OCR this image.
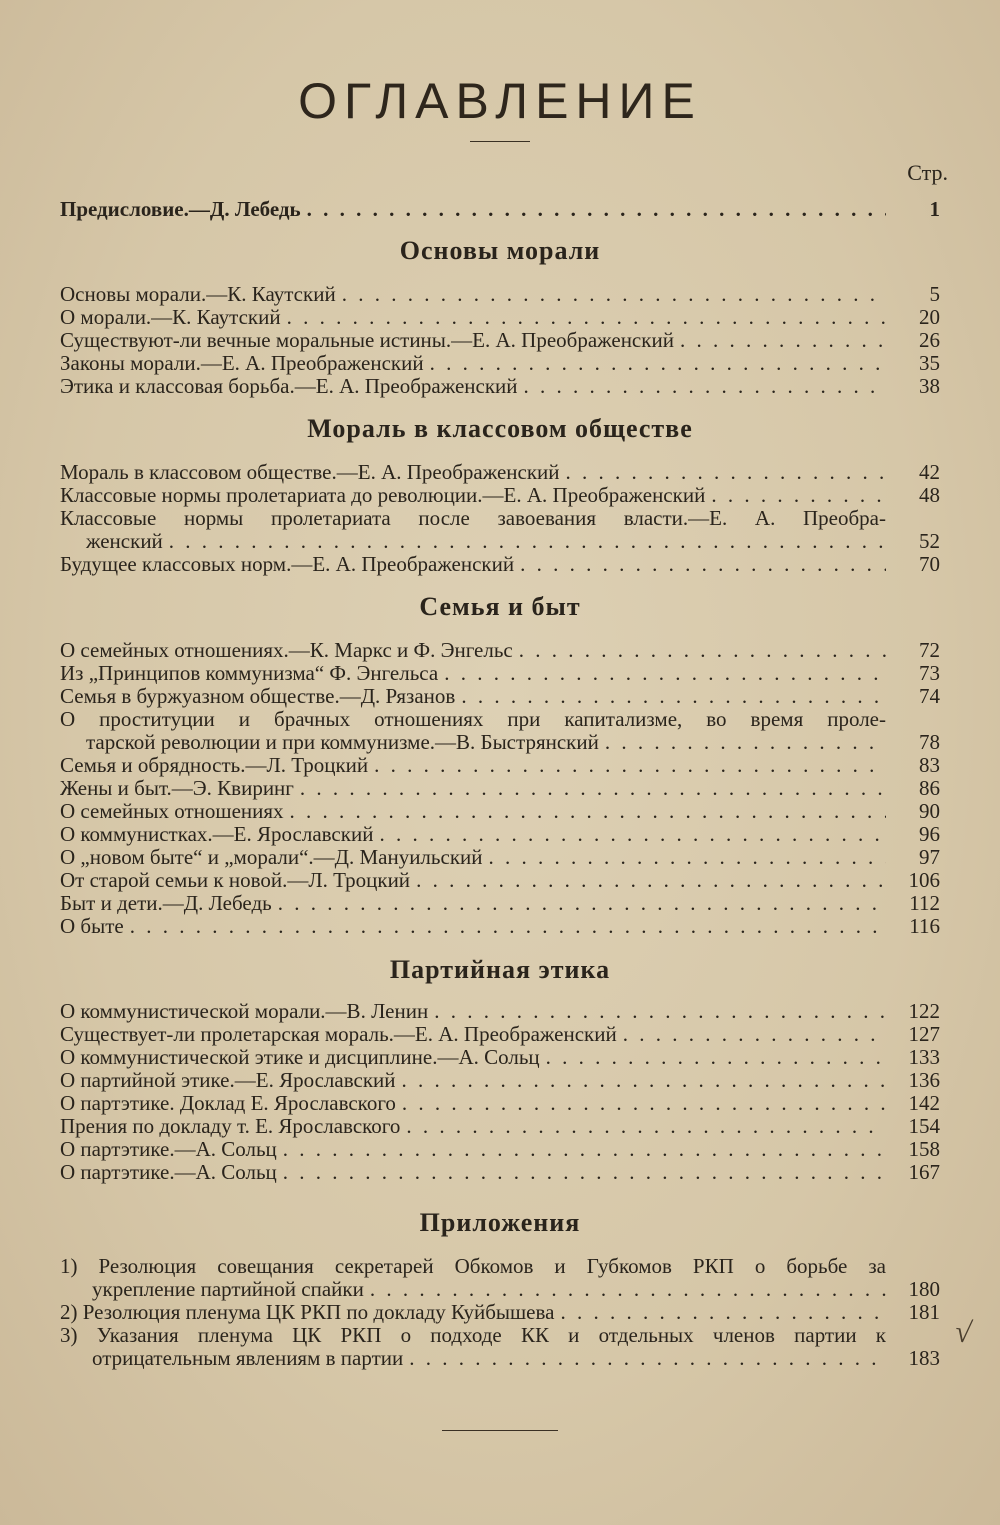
ОГЛАВЛЕНИЕ
Стр.
Предисловие.—Д. Лебедь . . .	1
Основы морали
Основы морали.—К. Каутский . . .	5
О морали.—К. Каутский . . .	20
Существуют-ли вечные моральные истины.—Е. А. Преображенский . . .	26
Законы морали.—Е. А. Преображенский . . .	35
Этика и классовая борьба.—Е. А. Преображенский . . .	38
Мораль в классовом обществе
Мораль в классовом обществе.—Е. А. Преображенский . . .	42
Классовые нормы пролетариата до революции.—Е. А. Преображенский . . .	48
Классовые нормы пролетариата после завоевания власти.—Е. А. Преобра-
женский . . .	52
Будущее классовых норм.—Е. А. Преображенский . . .	70
Семья и быт
О семейных отношениях.—К. Маркс и Ф. Энгельс . . .	72
Из „Принципов коммунизма“ Ф. Энгельса . . .	73
Семья в буржуазном обществе.—Д. Рязанов . . .	74
О проституции и брачных отношениях при капитализме, во время проле-
тарской революции и при коммунизме.—В. Быстрянский . . .	78
Семья и обрядность.—Л. Троцкий . . .	83
Жены и быт.—Э. Квиринг . . .	86
О семейных отношениях . . .	90
О коммунистках.—Е. Ярославский . . .	96
О „новом быте“ и „морали“.—Д. Мануильский . . .	97
От старой семьи к новой.—Л. Троцкий . . .	106
Быт и дети.—Д. Лебедь . . .	112
О быте . . .	116
Партийная этика
О коммунистической морали.—В. Ленин . . .	122
Существует-ли пролетарская мораль.—Е. А. Преображенский . . .	127
О коммунистической этике и дисциплине.—А. Сольц . . .	133
О партийной этике.—Е. Ярославский . . .	136
О партэтике. Доклад Е. Ярославского . . .	142
Прения по докладу т. Е. Ярославского . . .	154
О партэтике.—А. Сольц . . .	158
О партэтике.—А. Сольц . . .	167
Приложения
1) Резолюция совещания секретарей Обкомов и Губкомов РКП о борьбе за
укрепление партийной спайки . . .	180
2) Резолюция пленума ЦК РКП по докладу Куйбышева . . .	181
3) Указания пленума ЦК РКП о подходе КК и отдельных членов партии к
отрицательным явлениям в партии . . .	183
√
